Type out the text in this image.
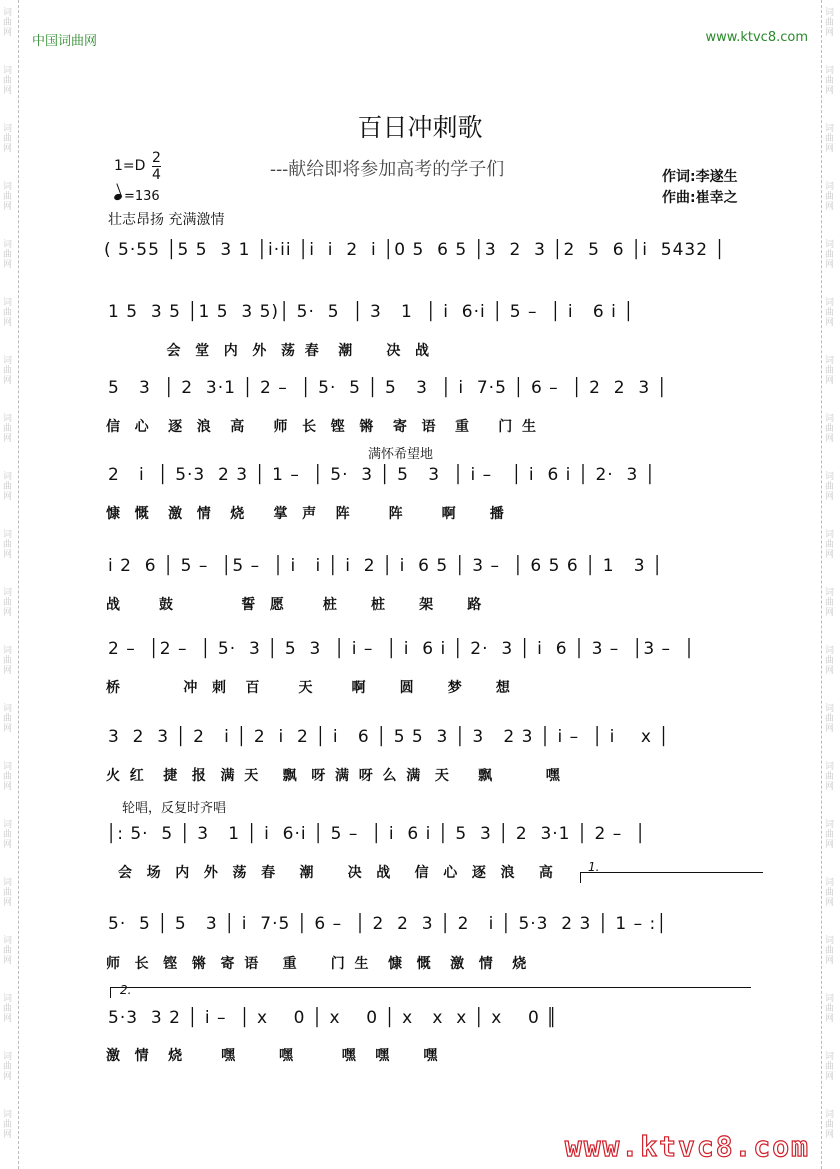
词曲网
词曲网
词曲网
词曲网
词曲网
词曲网
词曲网
词曲网
词曲网
词曲网
词曲网
词曲网
词曲网
词曲网
词曲网
词曲网
词曲网
词曲网
词曲网
词曲网
词曲网
词曲网
词曲网
词曲网
词曲网
词曲网
词曲网
词曲网
词曲网
词曲网
词曲网
词曲网
词曲网
词曲网
词曲网
词曲网
词曲网
词曲网
词曲网
词曲网
中国词曲网	www.ktvc8.com
百日冲刺歌
---献给即将参加高考的学子们	作词:李遂生
作曲:崔幸之
$1=D \frac{2}{4}$
=136
壮志昂扬 充满激情
满怀希望地
轮唱，反复时齐唱
( 5·55 │5 5  3 1 │i·ii │i  i  2  i │0 5  6 5 │3  2  3 │2  5  6 │i  5432 │
1 5  3 5 │1 5  3 5)│ 5·  5  │ 3   1  │ i  6·i │ 5 –  │ i   6 i │
会   堂   内   外   荡  春    潮       决   战
5   3  │ 2  3·1 │ 2 –  │ 5·  5 │ 5   3  │ i  7·5 │ 6 –  │ 2  2  3 │
信   心    逐   浪    高      师   长   铿   锵    寄   语    重      门  生
2   i  │ 5·3  2 3 │ 1 –  │ 5·  3 │ 5   3  │ i –   │ i  6 i │ 2·  3 │
慷   慨    激   情    烧      掌   声    阵        阵        啊       播
i 2  6 │ 5 –  │5 –  │ i   i │ i  2 │ i  6 5 │ 3 –  │ 6 5 6 │ 1   3 │
战        鼓              誓   愿        桩       桩       架       路
2 –  │2 –  │ 5·  3 │ 5  3  │ i –  │ i  6 i │ 2·  3 │ i  6 │ 3 –  │3 –  │
桥             冲   刺    百        天        啊       圆       梦       想
3  2  3 │ 2   i │ 2  i  2 │ i   6 │ 5 5  3 │ 3   2 3 │ i –  │ i    x │
火  红    捷   报   满  天     飘   呀  满  呀  么  满   天      飘           嘿
│: 5·  5 │ 3   1 │ i  6·i │ 5 –  │ i  6 i │ 5  3 │ 2  3·1 │ 2 –  │
会   场   内   外   荡   春     潮       决   战     信   心   逐   浪     高	1.
5·  5 │ 5   3 │ i  7·5 │ 6 –  │ 2  2  3 │ 2   i │ 5·3  2 3 │ 1 – :│
师   长   铿   锵   寄  语     重       门  生    慷   慨    激   情    烧
2.
5·3  3 2 │ i –  │ x    0 │ x    0 │ x   x  x │ x    0 ║
激   情    烧        嘿         嘿          嘿    嘿       嘿
www.ktvc8.com
